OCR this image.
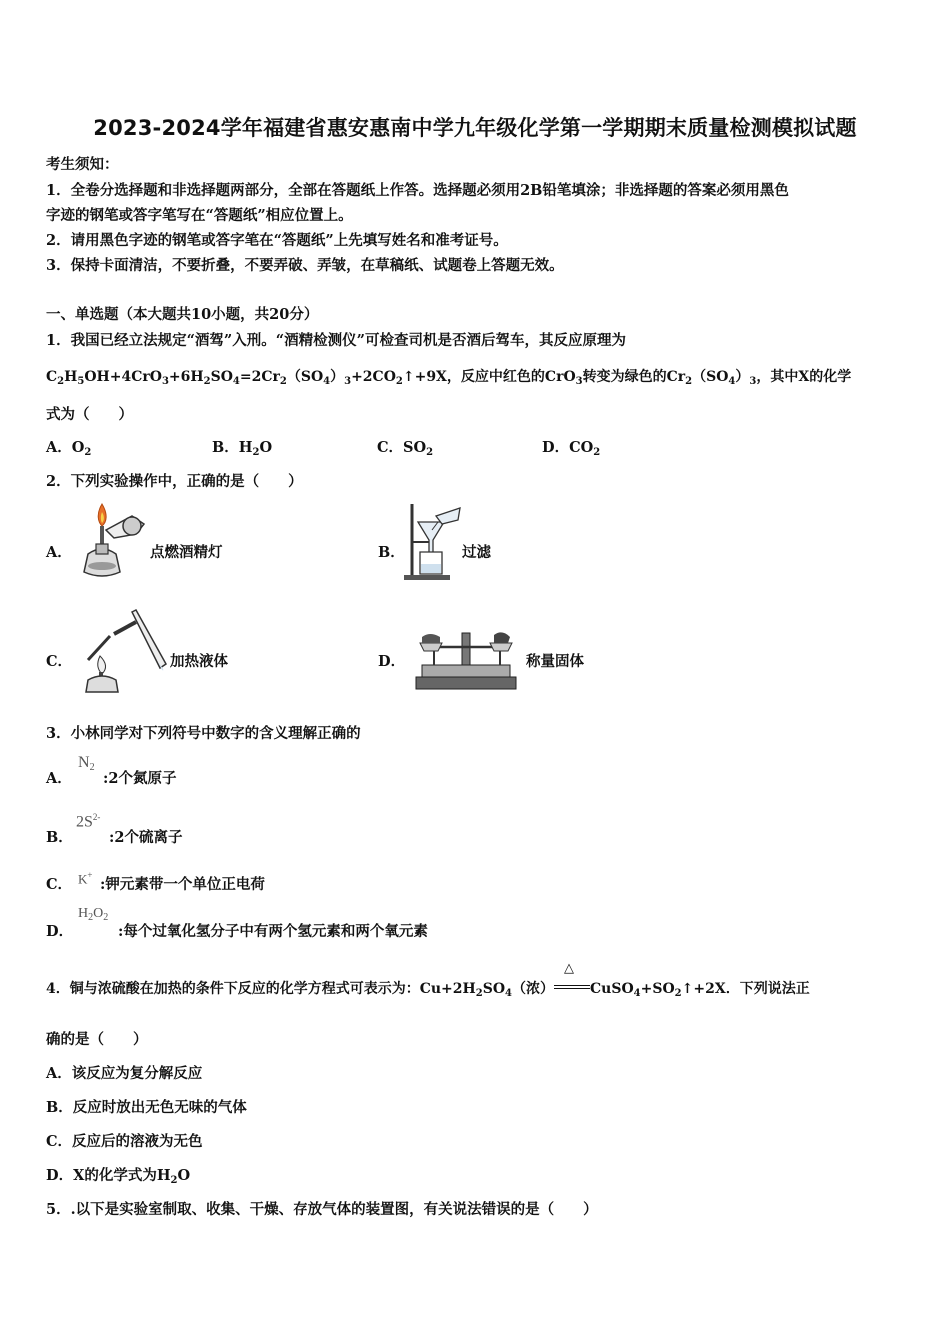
2023-2024学年福建省惠安惠南中学九年级化学第一学期期末质量检测模拟试题
考生须知：
1．全卷分选择题和非选择题两部分，全部在答题纸上作答。选择题必须用2B铅笔填涂；非选择题的答案必须用黑色
字迹的钢笔或答字笔写在“答题纸”相应位置上。
2．请用黑色字迹的钢笔或答字笔在“答题纸”上先填写姓名和准考证号。
3．保持卡面清洁，不要折叠，不要弄破、弄皱，在草稿纸、试题卷上答题无效。
一、单选题（本大题共10小题，共20分）
1．我国已经立法规定“酒驾”入刑。“酒精检测仪”可检查司机是否酒后驾车，其反应原理为
$C_2H_5OH+4CrO_3+6H_2SO_4=2Cr_2(SO_4)_3+2CO_2↑+9X$，反应中红色的CrO$_3$转变为绿色的$Cr_2(SO_4)_3$，其中X的化学
式为（　　）
A．$O_2$	B．$H_2O$	C．$SO_2$	D．$CO_2$
2．下列实验操作中，正确的是（　　）
A．	点燃酒精灯	B．	过滤
C．	加热液体	D．	称量固体
3．小林同学对下列符号中数字的含义理解正确的
A．
$N_2$
:2个氮原子
B．
$2S^{2-}$
:2个硫离子
C． K+
:钾元素带一个单位正电荷
D．
$H_2O_2$
:每个过氧化氢分子中有两个氢元素和两个氧元素
4．铜与浓硫酸在加热的条件下反应的化学方程式可表示为：$Cu+2H_2SO_4$（浓）
△
$CuSO_4+SO_2↑+2X$．下列说法正
确的是（　　）
A．该反应为复分解反应
B．反应时放出无色无味的气体
C．反应后的溶液为无色
D．X的化学式为$H_2O$
5．.以下是实验室制取、收集、干燥、存放气体的装置图，有关说法错误的是（　　）
